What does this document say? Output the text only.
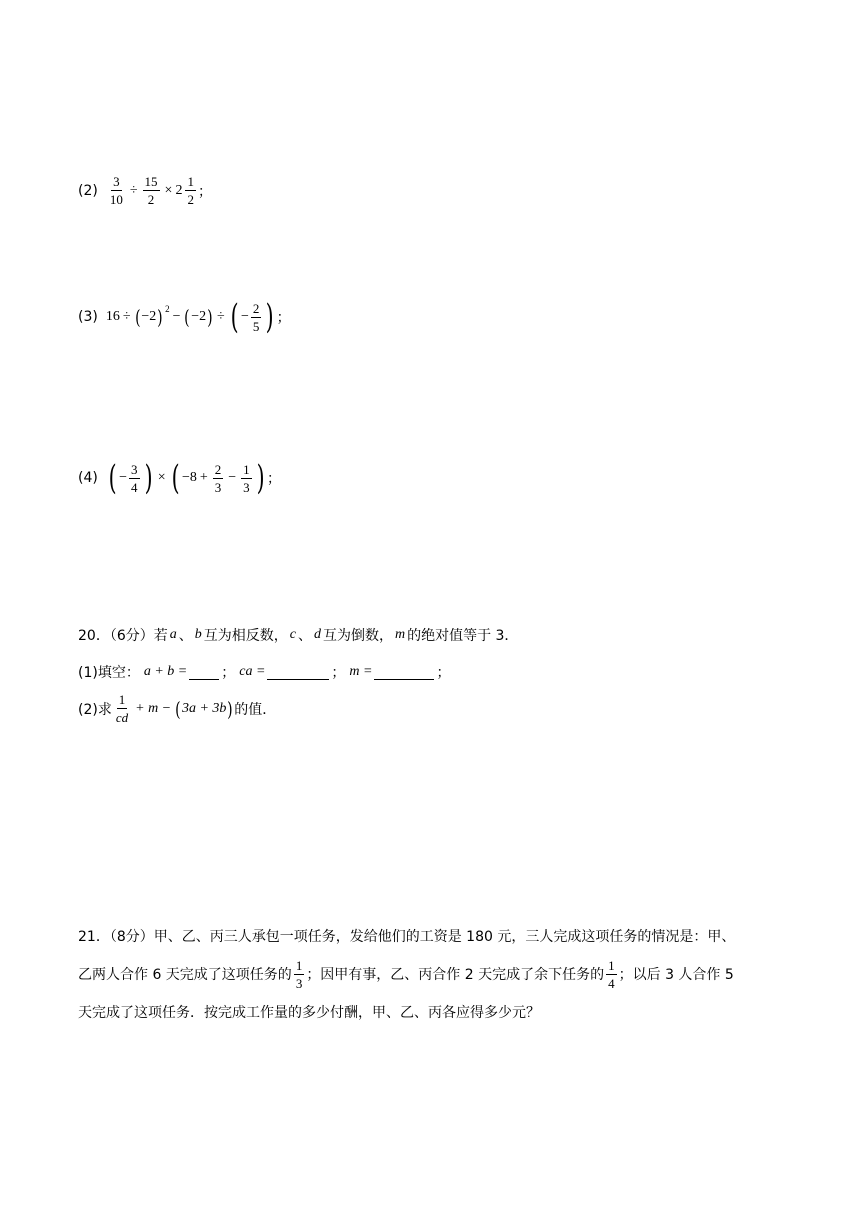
$(2) \frac{3}{10} \div \frac{15}{2} \times 2 \frac{1}{2}$ ；
(3) 16 ÷ ( −2 )$^2$ − ( −2 ) ÷ ( − $\frac{2}{5}$ ) ；
(4) ( − $\frac{3}{4}$ ) × ( $-8 + \frac{2}{3} - \frac{1}{3}$ ) ；
20．（6分）若 a 、 b 互为相反数， c 、 d 互为倒数， m 的绝对值等于 3．
(1)填空： a + b = ； ca =	； m =	；
(2)求 $\frac{1}{cd} + m$ − ( 3a + 3b ) 的值．
21．（8分）甲、乙、丙三人承包一项任务，发给他们的工资是 180 元，三人完成这项任务的情况是：甲、
乙两人合作 6 天完成了这项任务的 $\frac{1}{3}$ ；因甲有事，乙、丙合作 2 天完成了余下任务的 $\frac{1}{4}$ ；以后 3 人合作 5
天完成了这项任务．按完成工作量的多少付酬，甲、乙、丙各应得多少元？
